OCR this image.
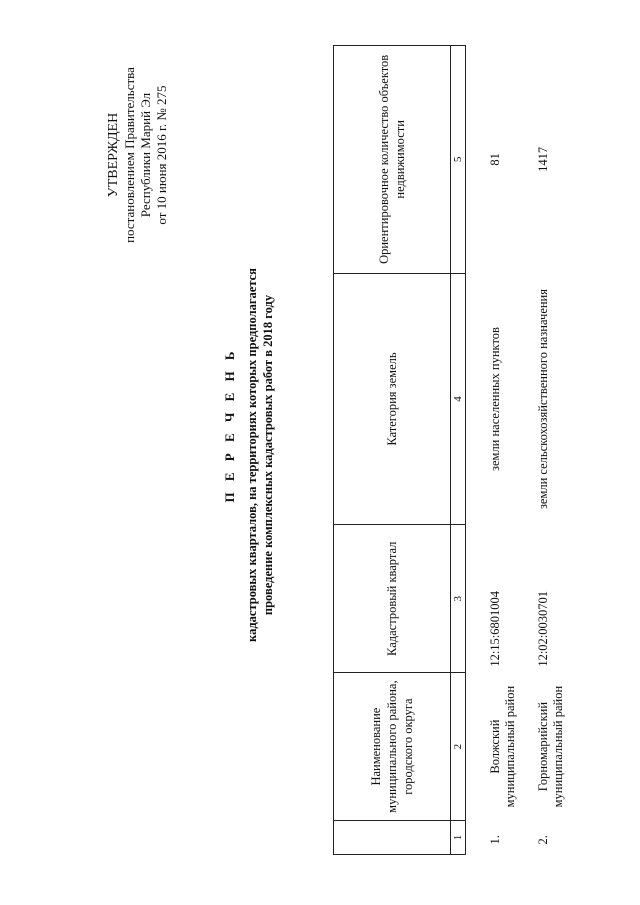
УТВЕРЖДЕН постановлением Правительства Республики Марий Эл от 10 июня 2016 г. № 275
П Е Р Е Ч Е Н Ь кадастровых кварталов, на территориях которых предполагается проведение комплексных кадастровых работ в 2018 году
	Наименование муниципального района, городского округа	Кадастровый квартал	Категория земель	Ориентировочное количество объектов недвижимости
1	2	3	4	5
1.	Волжский муниципальный район	12:15:6801004	земли населенных пунктов	81
2.	Горномарийский муниципальный район	12:02:0030701	земли сельскохозяйственного назначения	1417
